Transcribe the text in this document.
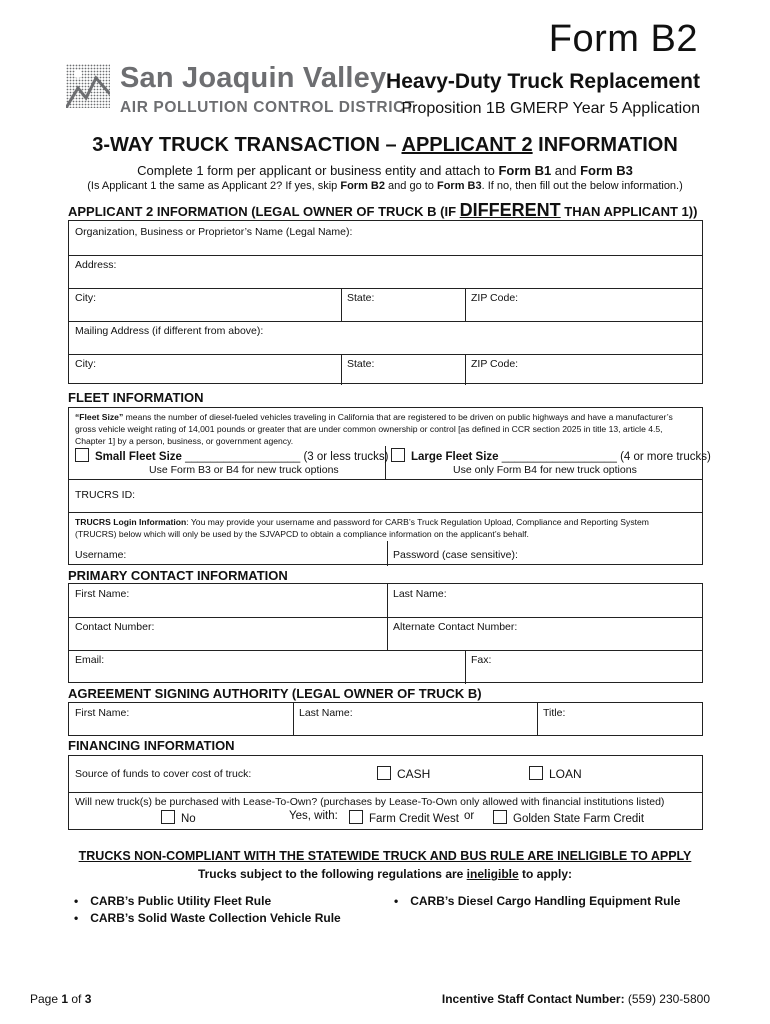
Form B2
San Joaquin Valley
AIR POLLUTION CONTROL DISTRICT
Heavy-Duty Truck Replacement
Proposition 1B GMERP Year 5 Application
3-WAY TRUCK TRANSACTION – APPLICANT 2 INFORMATION
Complete 1 form per applicant or business entity and attach to Form B1 and Form B3
(Is Applicant 1 the same as Applicant 2? If yes, skip Form B2 and go to Form B3. If no, then fill out the below information.)
APPLICANT 2 INFORMATION (LEGAL OWNER OF TRUCK B (IF DIFFERENT THAN APPLICANT 1))
Organization, Business or Proprietor’s Name (Legal Name):
Address:
City:	State:	ZIP Code:
Mailing Address (if different from above):
City:	State:	ZIP Code:
FLEET INFORMATION
“Fleet Size” means the number of diesel-fueled vehicles traveling in California that are registered to be driven on public highways and have a manufacturer’s
gross vehicle weight rating of 14,001 pounds or greater that are under common ownership or control [as defined in CCR section 2025 in title 13, article 4.5,
Chapter 1] by a person, business, or government agency.
Small Fleet Size __________________ (3 or less trucks)
Use Form B3 or B4 for new truck options
Large Fleet Size __________________ (4 or more trucks)
Use only Form B4 for new truck options
TRUCRS ID:
TRUCRS Login Information: You may provide your username and password for CARB’s Truck Regulation Upload, Compliance and Reporting System
(TRUCRS) below which will only be used by the SJVAPCD to obtain a compliance information on the applicant’s behalf.
Username:	Password (case sensitive):
PRIMARY CONTACT INFORMATION
First Name:	Last Name:
Contact Number:	Alternate Contact Number:
Email:	Fax:
AGREEMENT SIGNING AUTHORITY (LEGAL OWNER OF TRUCK B)
First Name:	Last Name:	Title:
FINANCING INFORMATION
Source of funds to cover cost of truck:	CASH	LOAN
Will new truck(s) be purchased with Lease-To-Own? (purchases by Lease-To-Own only allowed with financial institutions listed)
No	Yes, with:	Farm Credit West or	Golden State Farm Credit
TRUCKS NON-COMPLIANT WITH THE STATEWIDE TRUCK AND BUS RULE ARE INELIGIBLE TO APPLY
Trucks subject to the following regulations are ineligible to apply:
• CARB’s Public Utility Fleet Rule
• CARB’s Solid Waste Collection Vehicle Rule
• CARB’s Diesel Cargo Handling Equipment Rule
Page 1 of 3	Incentive Staff Contact Number: (559) 230-5800
